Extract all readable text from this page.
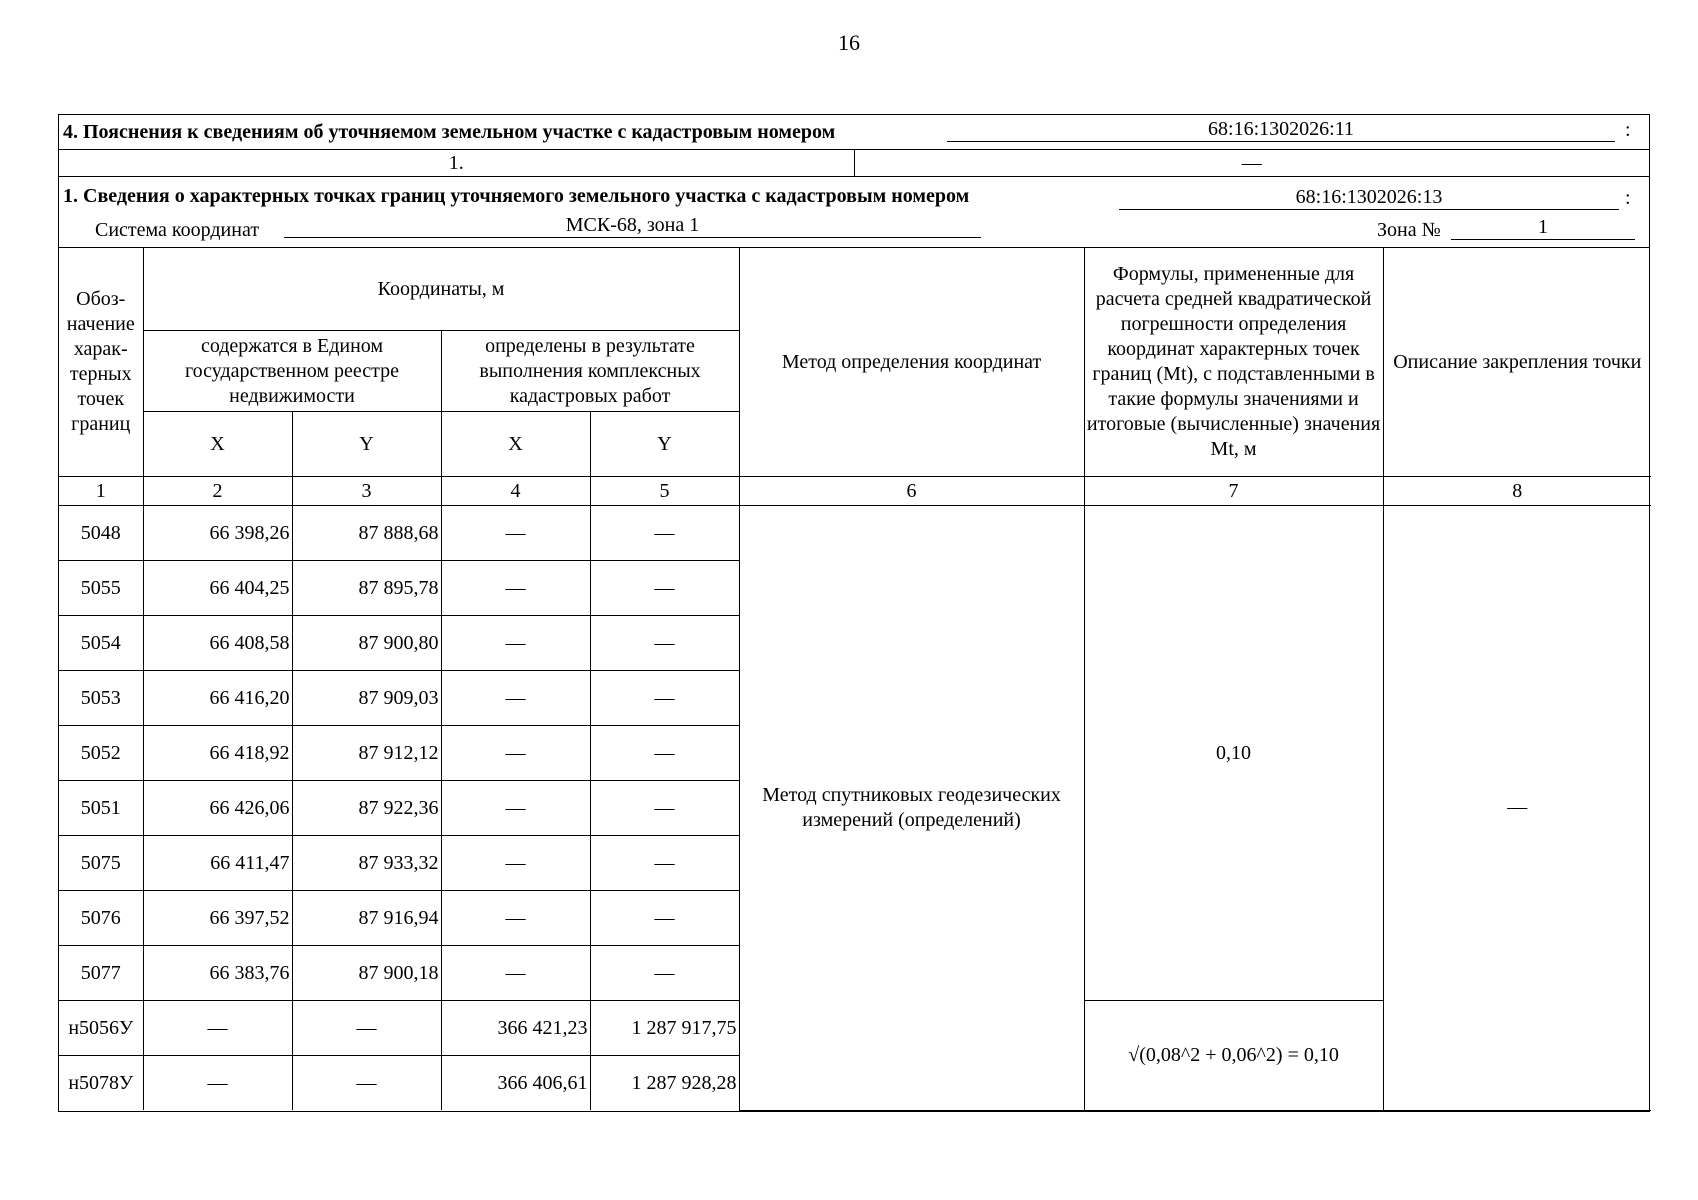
16
4. Пояснения к сведениям об уточняемом земельном участке с кадастровым номером	68:16:1302026:11	:

1.	—

1. Сведения о характерных точках границ уточняемого земельного участка с кадастровым номером	68:16:1302026:13	:
Система координат	МСК-68, зона 1	Зона №	1

Обоз-начение харак-терных точек границ	Координаты, м	Метод определения координат	Формулы, примененные для расчета средней квадратической погрешности определения координат характерных точек границ (Mt), с подставленными в такие формулы значениями и итоговые (вычисленные) значения Mt, м	Описание закрепления точки
содержатся в Едином государственном реестре недвижимости	определены в результате выполнения комплексных кадастровых работ
X	Y	X	Y
1	2	3	4	5	6	7	8
5048	66 398,26	87 888,68	—	—	Метод спутниковых геодезических измерений (определений)	0,10	—
5055	66 404,25	87 895,78	—	—
5054	66 408,58	87 900,80	—	—
5053	66 416,20	87 909,03	—	—
5052	66 418,92	87 912,12	—	—
5051	66 426,06	87 922,36	—	—
5075	66 411,47	87 933,32	—	—
5076	66 397,52	87 916,94	—	—
5077	66 383,76	87 900,18	—	—
н5056У	—	—	366 421,23	1 287 917,75	√(0,08^2 + 0,06^2) = 0,10
н5078У	—	—	366 406,61	1 287 928,28
